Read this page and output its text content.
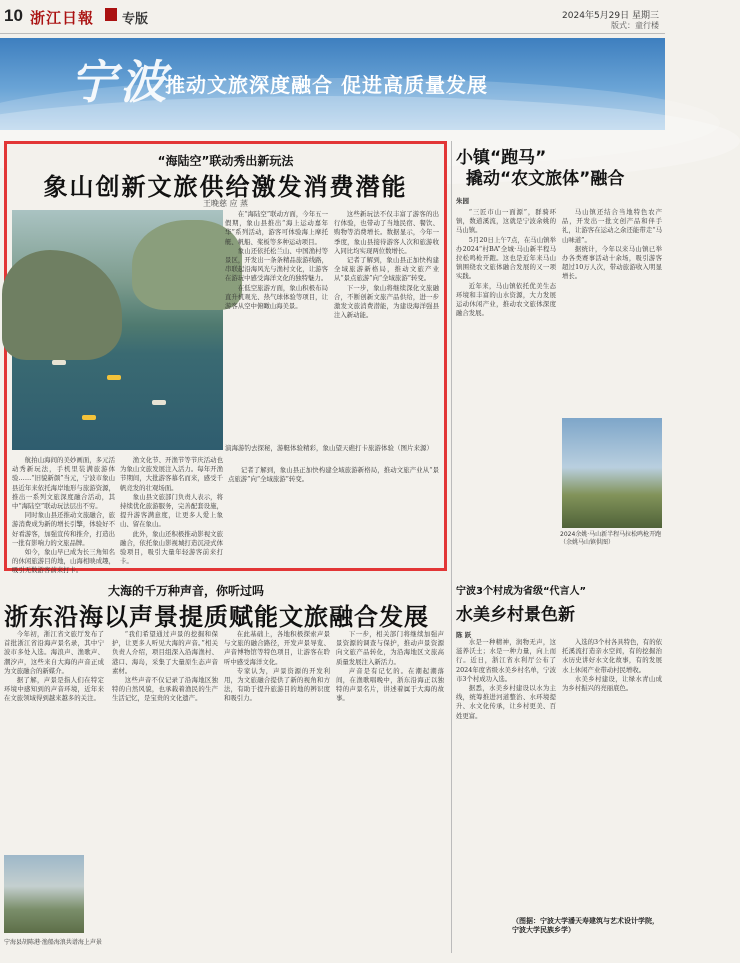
10 浙江日報 专版	2024年5月29日 星期三
版式：童行楼
宁波
推动文旅深度融合 促进高质量发展
“海陆空”联动秀出新玩法
象山创新文旅供给激发消费潜能
王晚慈 应 蒸

在“海陆空”联动方面，今年五一假期，象山县推出“海上运动嘉年华”系列活动，游客可体验海上摩托艇、帆船、桨板等多种运动项目。

象山还依托松兰山、中国渔村等景区，开发出一条条精品旅游线路，串联起沿海风光与渔村文化，让游客在游玩中感受海洋文化的独特魅力。

在低空旅游方面，象山积极布局直升机观光、热气球体验等项目，让游客从空中俯瞰山海美景。

这些新玩法不仅丰富了游客的出行体验，也带动了当地民宿、餐饮、购物等消费增长。数据显示，今年一季度，象山县接待游客人次和旅游收入同比均实现两位数增长。

记者了解到，象山县正加快构建全域旅游新格局，推动文旅产业从“景点旅游”向“全域旅游”转变。

下一步，象山将继续深化文旅融合，不断创新文旅产品供给，进一步激发文旅消费潜能，为建设海洋强县注入新动能。

演海游钓去探秘，游艇体验精彩，象山望天礁打卡旅游体验（图片来源）

航拍山海间的美妙画面，多元活动秀新玩法，手机里装满旅游体验……“旧貌新颜”当元，宁波市象山县近年来依托海岸地形与旅游资源，推出一系列文旅深度融合活动，其中“海陆空”联动玩法层出不穷。

同时象山县还推动文旅融合，旅游消费成为新的增长引擎，体验好不好看游客，加强宣传和推介，打造出一批有影响力的文旅品牌。

如今，象山早已成为长三角知名的休闲旅游目的地，山海相映成趣，吸引无数游客前来打卡。

渔文化节、开渔节等节庆活动也为象山文旅发展注入活力。每年开渔节期间，大批游客慕名而来，感受千帆竞发的壮观场面。

象山县文旅部门负责人表示，将持续优化旅游服务，完善配套设施，提升游客满意度，让更多人爱上象山、留在象山。

此外，象山还积极推动影视文旅融合，依托象山影视城打造沉浸式体验项目，吸引大量年轻游客前来打卡。

记者了解到，象山县正加快构建全域旅游新格局，推动文旅产业从“景点旅游”向“全域旅游”转变。

小镇“跑马”
撬动“农文旅体”融合
朱园

“三匠市山一面源”，群骑环镇，数道溪流，这就是宁波余姚的马山镇。

5月20日上午7点，在马山镇举办2024“村BA”全城·马山新半程马拉松鸣枪开跑。这也是近年来马山镇围绕农文旅体融合发展的又一项实践。

近年来，马山镇依托优美生态环境和丰富的山水资源，大力发展运动休闲产业，推动农文旅体深度融合发展。

马山镇还结合当地特色农产品，开发出一批文创产品和伴手礼，让游客在运动之余还能带走“马山味道”。

据统计，今年以来马山镇已举办各类赛事活动十余场，吸引游客超过10万人次，带动旅游收入明显增长。

2024余姚·马山新半程马拉松鸣枪开跑（余姚马山镇供图）
大海的千万种声音，你听过吗
浙东沿海以声景提质赋能文旅融合发展

今年初，浙江省文旅厅发布了首批浙江省沿海声景名录，其中宁波市多处入选。海浪声、渔歌声、潮汐声，这些来自大海的声音正成为文旅融合的新媒介。

据了解，声景是指人们在特定环境中感知到的声音环境，近年来在文旅领域得到越来越多的关注。

“我们希望通过声景的挖掘和保护，让更多人听见大海的声音。”相关负责人介绍，项目组深入沿海渔村、港口、海岛，采集了大量原生态声音素材。

这些声音不仅记录了沿海地区独特的自然风貌，也承载着渔民的生产生活记忆，是宝贵的文化遗产。

在此基础上，各地积极探索声景与文旅的融合路径，开发声景导览、声音博物馆等特色项目，让游客在聆听中感受海洋文化。

专家认为，声景资源的开发利用，为文旅融合提供了新的视角和方法，有助于提升旅游目的地的辨识度和吸引力。

下一步，相关部门将继续加强声景资源的调查与保护，推动声景资源向文旅产品转化，为沿海地区文旅高质量发展注入新活力。

声音是有记忆的。在潮起潮落间，在渔歌唱晚中，浙东沿海正以独特的声景名片，讲述着属于大海的故事。

宁海县胡陈港·渔船海浪共谱海上声景
宁波3个村成为省级“代言人”
水美乡村景色新
陈 跃

水是一种精神，润物无声，这滋养沃土；水是一种力量，向上而行。近日，浙江省水利厅公布了2024年度省级水美乡村名单，宁波市3个村成功入选。

据悉，水美乡村建设以水为主线，统筹推进河道整治、水环境提升、水文化传承，让乡村更美、百姓更富。

入选的3个村各具特色，有的依托溪流打造亲水空间，有的挖掘治水历史讲好水文化故事，有的发展水上休闲产业带动村民增收。

水美乡村建设，让绿水青山成为乡村振兴的亮丽底色。

（图据：宁波大学潘天寿建筑与艺术设计学院，宁波大学民族乡学）
